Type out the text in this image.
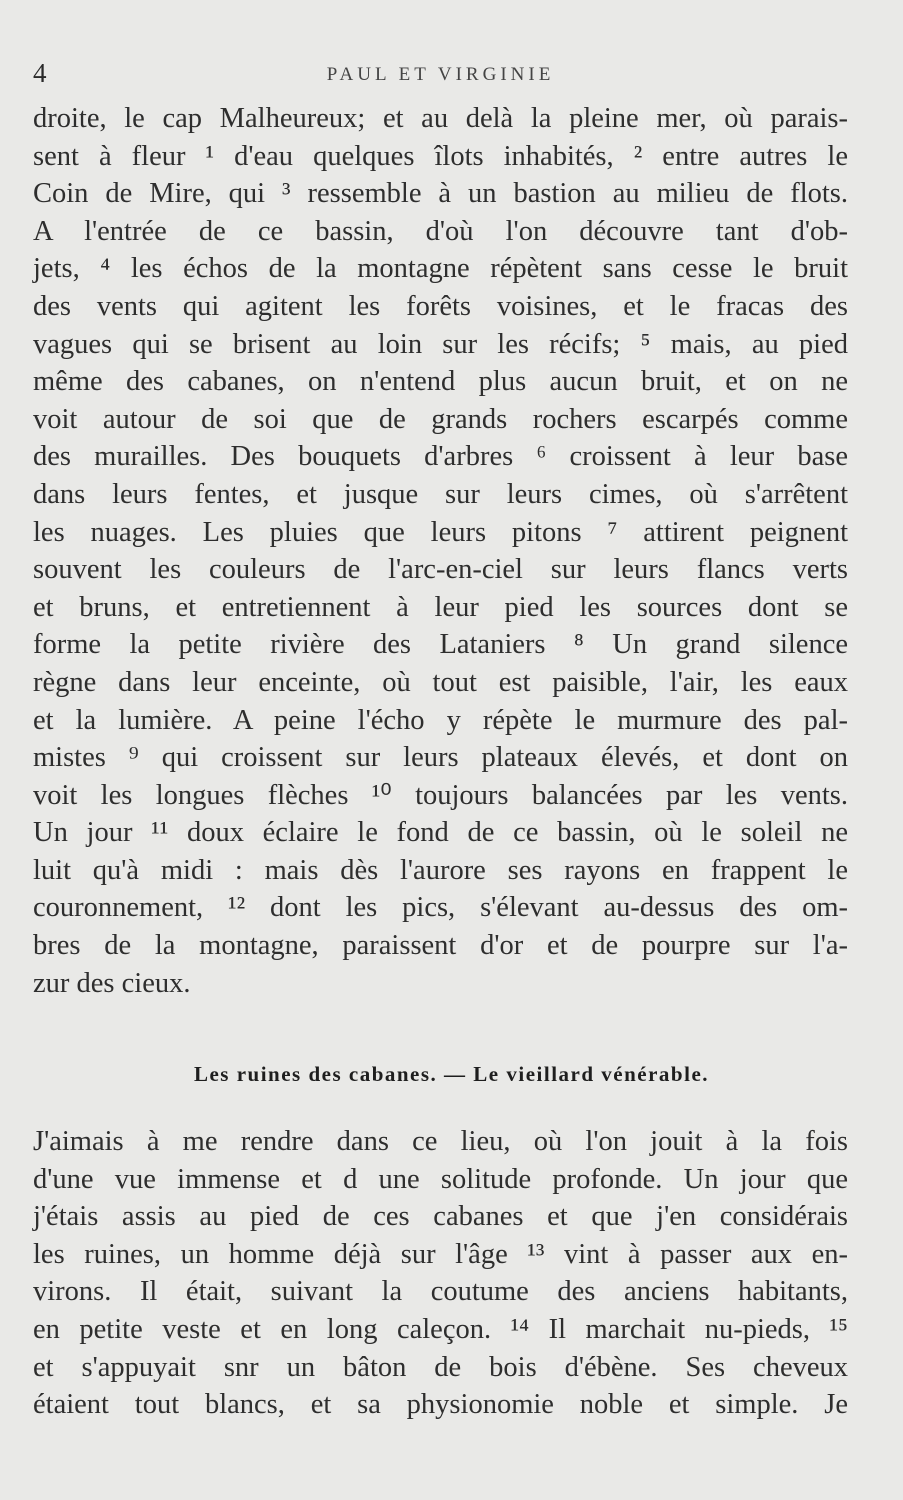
4	PAUL ET VIRGINIE
droite, le cap Malheureux; et au delà la pleine mer, où parais-
sent à fleur ¹ d'eau quelques îlots inhabités, ² entre autres le
Coin de Mire, qui ³ ressemble à un bastion au milieu de flots.
A l'entrée de ce bassin, d'où l'on découvre tant d'ob-
jets, ⁴ les échos de la montagne répètent sans cesse le bruit
des vents qui agitent les forêts voisines, et le fracas des
vagues qui se brisent au loin sur les récifs; ⁵ mais, au pied
même des cabanes, on n'entend plus aucun bruit, et on ne
voit autour de soi que de grands rochers escarpés comme
des murailles. Des bouquets d'arbres ⁶ croissent à leur base
dans leurs fentes, et jusque sur leurs cimes, où s'arrêtent
les nuages. Les pluies que leurs pitons ⁷ attirent peignent
souvent les couleurs de l'arc-en-ciel sur leurs flancs verts
et bruns, et entretiennent à leur pied les sources dont se
forme la petite rivière des Lataniers ⁸ Un grand silence
règne dans leur enceinte, où tout est paisible, l'air, les eaux
et la lumière. A peine l'écho y répète le murmure des pal-
mistes ⁹ qui croissent sur leurs plateaux élevés, et dont on
voit les longues flèches ¹⁰ toujours balancées par les vents.
Un jour ¹¹ doux éclaire le fond de ce bassin, où le soleil ne
luit qu'à midi : mais dès l'aurore ses rayons en frappent le
couronnement, ¹² dont les pics, s'élevant au-dessus des om-
bres de la montagne, paraissent d'or et de pourpre sur l'a-
zur des cieux.
Les ruines des cabanes. — Le vieillard vénérable.
J'aimais à me rendre dans ce lieu, où l'on jouit à la fois
d'une vue immense et d une solitude profonde. Un jour que
j'étais assis au pied de ces cabanes et que j'en considérais
les ruines, un homme déjà sur l'âge ¹³ vint à passer aux en-
virons. Il était, suivant la coutume des anciens habitants,
en petite veste et en long caleçon. ¹⁴ Il marchait nu-pieds, ¹⁵
et s'appuyait snr un bâton de bois d'ébène. Ses cheveux
étaient tout blancs, et sa physionomie noble et simple. Je
